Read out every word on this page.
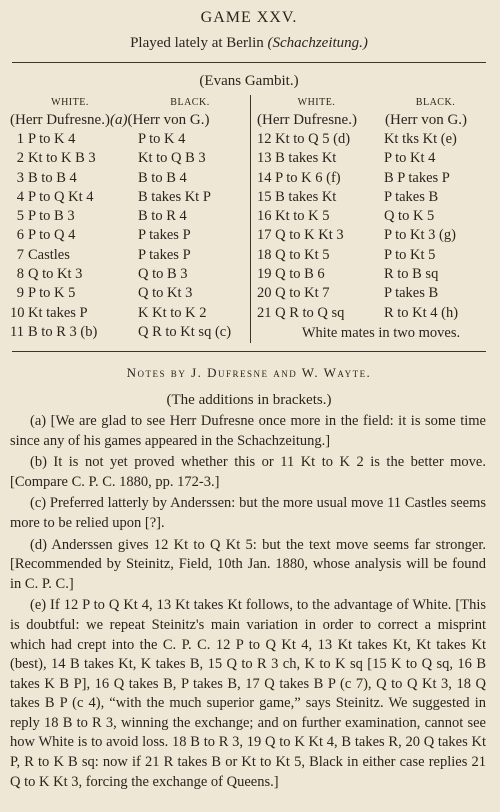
GAME XXV.
Played lately at Berlin (Schachzeitung.)
(Evans Gambit.)
WHITE.	BLACK.
(Herr Dufresne.) (a) (Herr von G.)
1 P to K 4	P to K 4
2 Kt to K B 3	Kt to Q B 3
3 B to B 4	B to B 4
4 P to Q Kt 4	B takes Kt P
5 P to B 3	B to R 4
6 P to Q 4	P takes P
7 Castles	P takes P
8 Q to Kt 3	Q to B 3
9 P to K 5	Q to Kt 3
10 Kt takes P	K Kt to K 2
11 B to R 3 (b)	Q R to Kt sq (c)
WHITE.	BLACK.
(Herr Dufresne.)	(Herr von G.)
12 Kt to Q 5 (d)	Kt tks Kt (e)
13 B takes Kt	P to Kt 4
14 P to K 6 (f)	B P takes P
15 B takes Kt	P takes B
16 Kt to K 5	Q to K 5
17 Q to K Kt 3	P to Kt 3 (g)
18 Q to Kt 5	P to Kt 5
19 Q to B 6	R to B sq
20 Q to Kt 7	P takes B
21 Q R to Q sq	R to Kt 4 (h)
White mates in two moves.
Notes by J. Dufresne and W. Wayte.
(The additions in brackets.)

(a) [We are glad to see Herr Dufresne once more in the field: it is some time since any of his games appeared in the Schachzeitung.]

(b) It is not yet proved whether this or 11 Kt to K 2 is the better move. [Compare C. P. C. 1880, pp. 172-3.]

(c) Preferred latterly by Anderssen: but the more usual move 11 Castles seems more to be relied upon [?].

(d) Anderssen gives 12 Kt to Q Kt 5: but the text move seems far stronger. [Recommended by Steinitz, Field, 10th Jan. 1880, whose analysis will be found in C. P. C.]

(e) If 12 P to Q Kt 4, 13 Kt takes Kt follows, to the advantage of White. [This is doubtful: we repeat Steinitz's main variation in order to correct a misprint which had crept into the C. P. C. 12 P to Q Kt 4, 13 Kt takes Kt, Kt takes Kt (best), 14 B takes Kt, K takes B, 15 Q to R 3 ch, K to K sq [15 K to Q sq, 16 B takes K B P], 16 Q takes B, P takes B, 17 Q takes B P (c 7), Q to Q Kt 3, 18 Q takes B P (c 4), “with the much superior game,” says Steinitz. We suggested in reply 18 B to R 3, winning the exchange; and on further examination, cannot see how White is to avoid loss. 18 B to R 3, 19 Q to K Kt 4, B takes R, 20 Q takes Kt P, R to K B sq: now if 21 R takes B or Kt to Kt 5, Black in either case replies 21 Q to K Kt 3, forcing the exchange of Queens.]
